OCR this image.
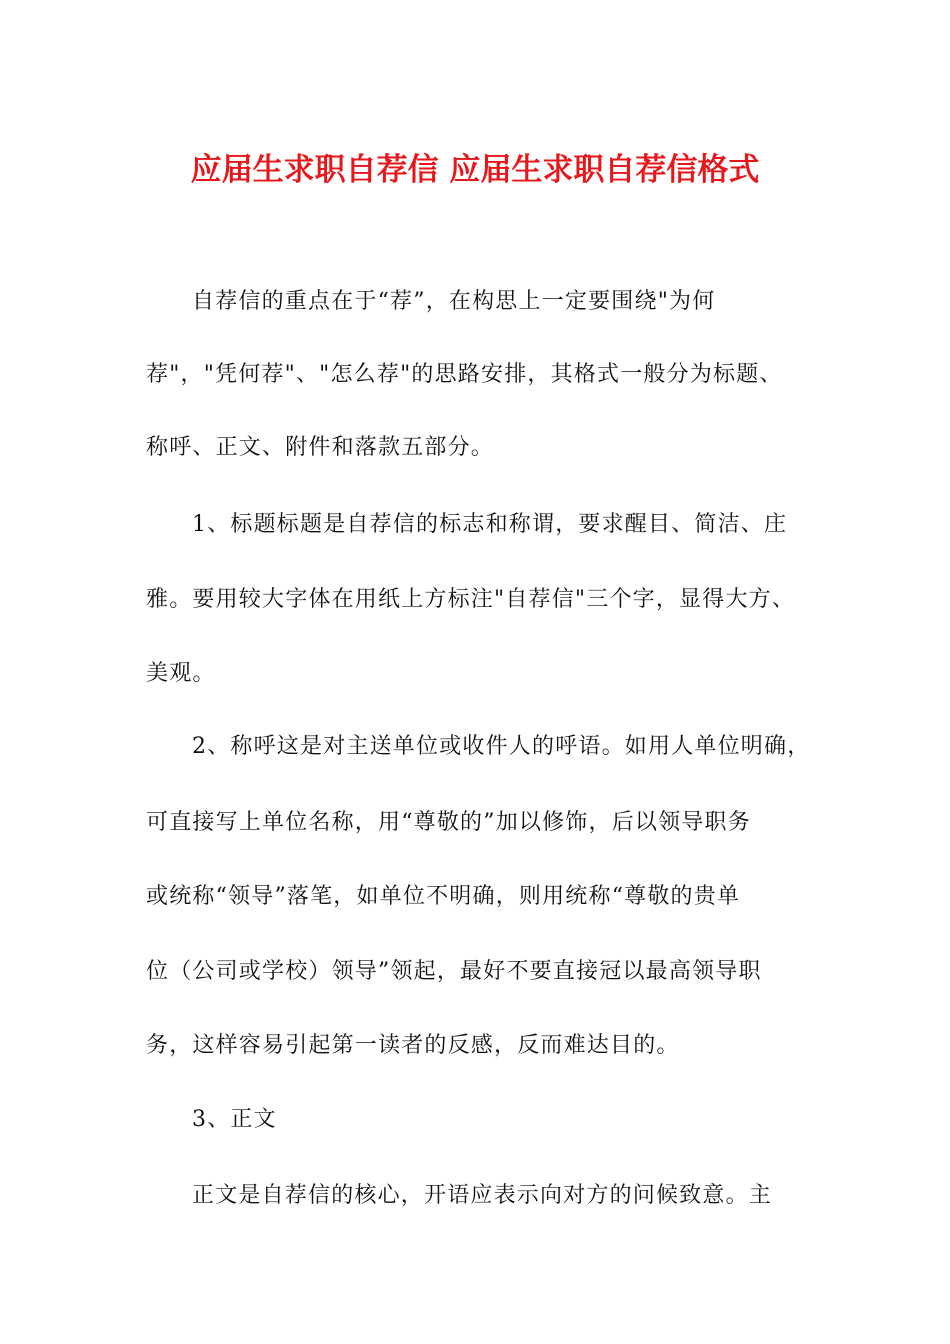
应届生求职自荐信 应届生求职自荐信格式

自荐信的重点在于“荐”，在构思上一定要围绕"为何

荐"，"凭何荐"、"怎么荐"的思路安排，其格式一般分为标题、

称呼、正文、附件和落款五部分。

1、标题标题是自荐信的标志和称谓，要求醒目、简洁、庄

雅。要用较大字体在用纸上方标注"自荐信"三个字，显得大方、

美观。

2、称呼这是对主送单位或收件人的呼语。如用人单位明确，

可直接写上单位名称，用“尊敬的”加以修饰，后以领导职务

或统称“领导”落笔，如单位不明确，则用统称“尊敬的贵单

位（公司或学校）领导”领起，最好不要直接冠以最高领导职

务，这样容易引起第一读者的反感，反而难达目的。

3、正文

正文是自荐信的核心，开语应表示向对方的问候致意。主
